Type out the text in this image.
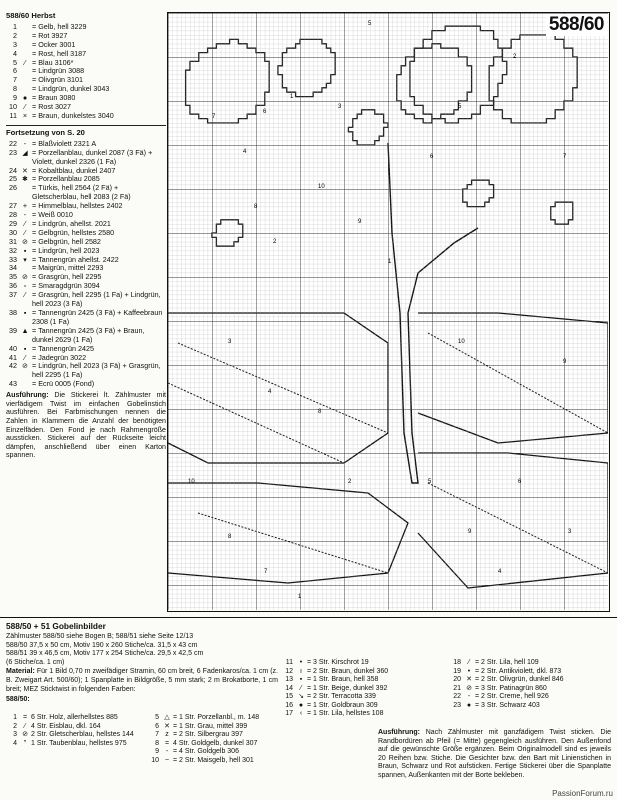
588/60 Herbst
1 = Gelb, hell 3229
2 = Rot 3927
3 = Ocker 3001
4 = Rost, hell 3187
5	⁄ = Blau 3106*
6 = Lindgrün 3088
7 = Olivgrün 3101
8 = Lindgrün, dunkel 3043
9 ● = Braun 3080
10	⁄ = Rost 3027
11 × = Braun, dunkelstes 3040
Fortsetzung von S. 20
22 - = Blaßviolett 2321 A
23 ◢ = Porzellanblau, dunkel 2087 (3 Fä) + Violett, dunkel 2326 (1 Fa)
24 ✕ = Kobaltblau, dunkel 2407
25 ✱ = Porzellanblau 2085
26 = Türkis, hell 2564 (2 Fä) + Gletscherblau, hell 2083 (2 Fä)
27 + = Himmelblau, hellstes 2402
28 - = Weiß 0010
29	⁄ = Lindgrün, ahellst. 2021
30	⁄ = Gelbgrün, hellstes 2580
31 ⊘ = Gelbgrün, hell 2582
32 ▪ = Lindgrün, hell 2023
33 ▾ = Tannengrün ahellst. 2422
34 = Maigrün, mittel 2293
35 ⊘ = Grasgrün, hell 2295
36 ▫ = Smaragdgrün 3094
37	⁄ = Grasgrün, hell 2295 (1 Fa) + Lindgrün, hell 2023 (3 Fä)
38 ▪ = Tannengrün 2425 (3 Fä) + Kaffeebraun 2308 (1 Fa)
39 ▲ = Tannengrün 2425 (3 Fä) + Braun, dunkel 2629 (1 Fa)
40 ▪ = Tannengrün 2425
41	⁄ = Jadegrün 3022
42 ⊘ = Lindgrün, hell 2023 (3 Fä) + Grasgrün, hell 2295 (1 Fa)
43 = Ecrü 0005 (Fond)
Ausführung: Die Stickerei lt. Zählmuster mit vierfädigem Twist im einfachen Gobelinstich ausführen. Bei Farbmischungen nennen die Zahlen in Klammern die Anzahl der benötigten Einzelfäden. Den Fond je nach Rahmengröße aussticken. Stickerei auf der Rückseite leicht dämpfen, anschließend über einen Karton spannen.
2
5
6
7
1
3
4
8
10
9
2
5
6	7
1
3
4
8
10
9
2	5	6
7
1
3
4
8
10
9
588/60
588/50 + 51 Gobelinbilder
Zählmuster 588/50 siehe Bogen B; 588/51 siehe Seite 12/13
588/50 37,5 x 50 cm, Motiv 190 x 260 Stiche/ca. 31,5 x 43 cm
588/51 39 x 46,5 cm, Motiv 177 x 254 Stiche/ca. 29,5 x 42,5 cm
(6 Stiche/ca. 1 cm)
Material: Für 1 Bild 0,70 m zweifädiger Stramin, 60 cm breit, 6 Fadenkaros/ca. 1 cm (z. B. Zweigart Art. 500/60); 1 Spanplatte in Bildgröße, 5 mm stark; 2 m Brokatborte, 1 cm breit; MEZ Sticktwist in folgenden Farben:
588/50:
1 = 6 Str. Holz, allerhellstes 885
2	⁄ 4 Str. Eisblau, dkl. 164
3 ⊘ 2 Str. Gletscherblau, hellstes 144
4 " 1 Str. Taubenblau, hellstes 975
5 △ = 1 Str. Porzellanbl., m. 148
6 ✕ = 1 Str. Grau, mittel 399
7 z = 2 Str. Silbergrau 397
8 = 4 Str. Goldgelb, dunkel 307
9 - = 4 Str. Goldgelb 306
10 ~ = 2 Str. Maisgelb, hell 301
11 • = 3 Str. Kirschrot 19
12	ı = 2 Str. Braun, dunkel 360
13 ▪ = 1 Str. Braun, hell 358
14	⁄ = 1 Str. Beige, dunkel 392
15 ↘ = 2 Str. Terracotta 339
16 ● = 1 Str. Goldbraun 309
17 ‹ = 1 Str. Lila, hellstes 108
18	⁄ = 2 Str. Lila, hell 109
19 • = 2 Str. Antikviolett, dkl. 873
20 ✕ = 2 Str. Olivgrün, dunkel 846
21 ⊘ = 3 Str. Patinagrün 860
22 - = 2 Str. Creme, hell 926
23 ● = 3 Str. Schwarz 403
Ausführung: Nach Zählmuster mit ganzfädigem Twist sticken. Die Randbordüren ab Pfeil (= Mitte) gegengleich ausführen. Den Außenfond auf die gewünschte Größe ergänzen. Beim Originalmodell sind es jeweils 20 Reihen bzw. Stiche. Die Gesichter bzw. den Bart mit Linienstichen in Braun, Schwarz und Rot aufsticken. Fertige Stickerei über die Spanplatte spannen, Außenkanten mit der Borte bekleben.
PassionForum.ru
